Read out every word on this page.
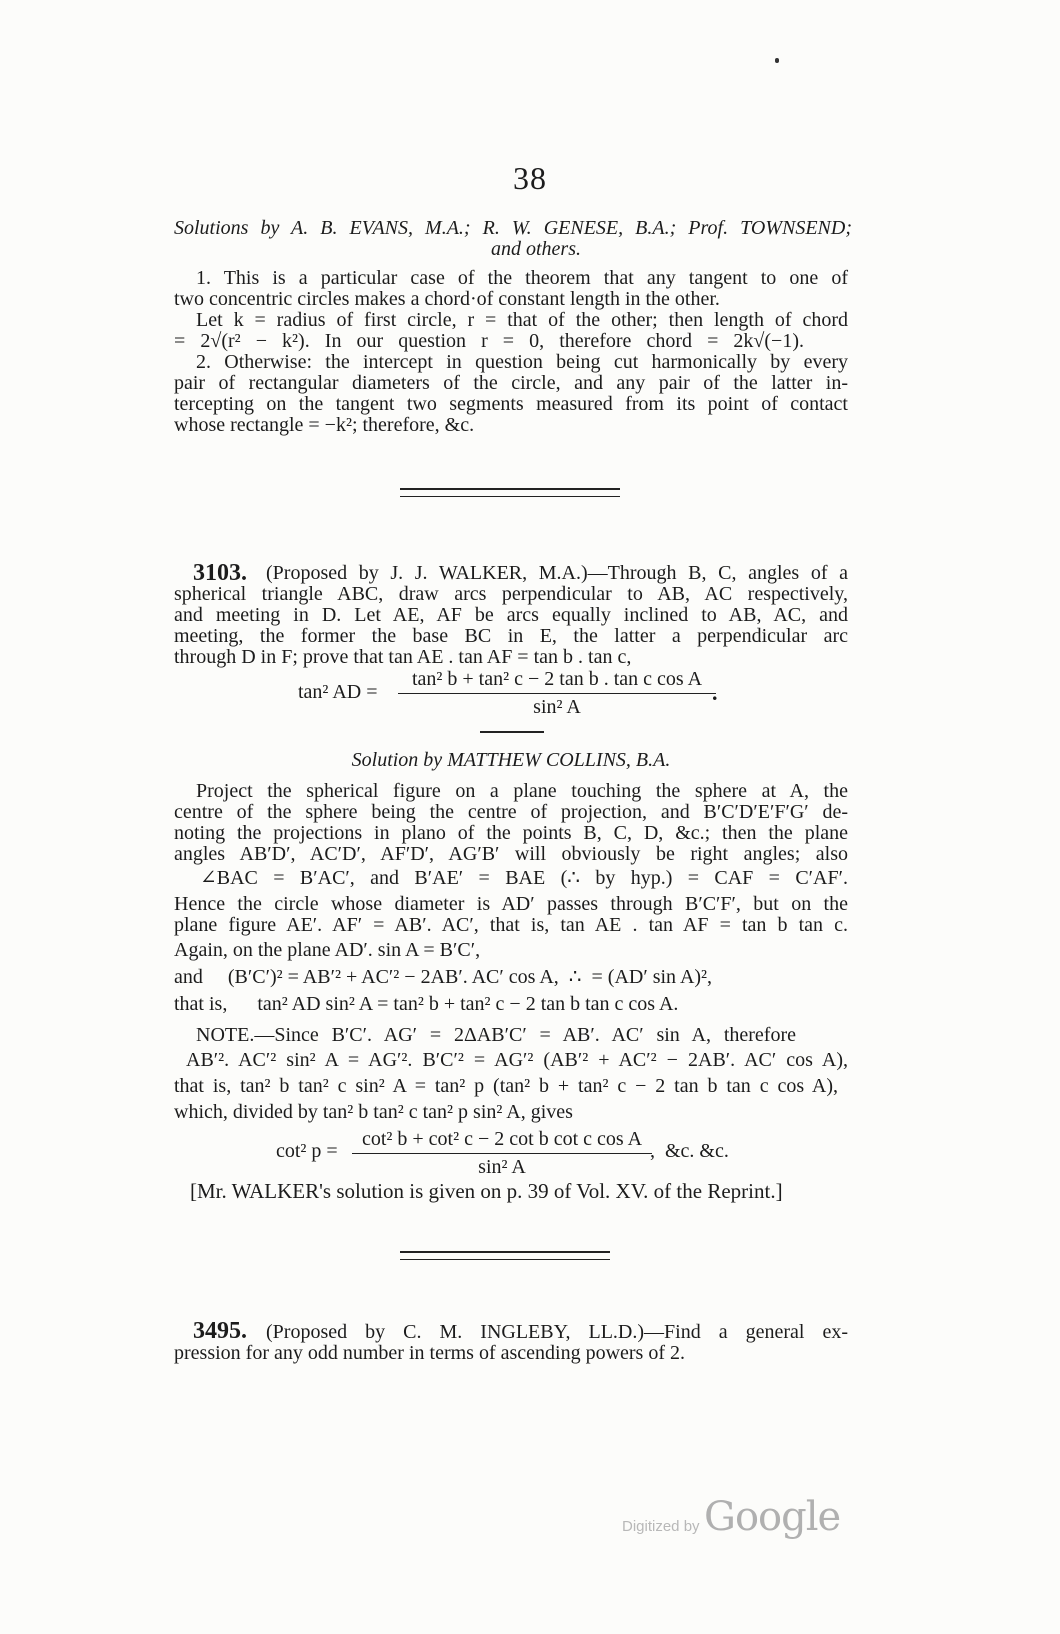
38
Solutions by A. B. EVANS, M.A.; R. W. GENESE, B.A.; Prof. TOWNSEND;
and others.
1. This is a particular case of the theorem that any tangent to one of
two concentric circles makes a chord·of constant length in the other.
Let k = radius of first circle, r = that of the other; then length of chord
= 2√(r² − k²). In our question r = 0, therefore chord = 2k√(−1).
2. Otherwise: the intercept in question being cut harmonically by every
pair of rectangular diameters of the circle, and any pair of the latter in-
tercepting on the tangent two segments measured from its point of contact
whose rectangle = −k²; therefore, &c.
3103. (Proposed by J. J. WALKER, M.A.)—Through B, C, angles of a
spherical triangle ABC, draw arcs perpendicular to AB, AC respectively,
and meeting in D. Let AE, AF be arcs equally inclined to AB, AC, and
meeting, the former the base BC in E, the latter a perpendicular arc
through D in F; prove that tan AE . tan AF = tan b . tan c,
tan² AD =
tan² b + tan² c − 2 tan b . tan c cos A
sin² A
.
Solution by MATTHEW COLLINS, B.A.
Project the spherical figure on a plane touching the sphere at A, the
centre of the sphere being the centre of projection, and B′C′D′E′F′G′ de-
noting the projections in plano of the points B, C, D, &c.; then the plane
angles AB′D′, AC′D′, AF′D′, AG′B′ will obviously be right angles; also
∠BAC = B′AC′, and B′AE′ = BAE (∴ by hyp.) = CAF = C′AF′.
Hence the circle whose diameter is AD′ passes through B′C′F′, but on the
plane figure AE′. AF′ = AB′. AC′, that is, tan AE . tan AF = tan b tan c.
Again, on the plane AD′. sin A = B′C′,
and     (B′C′)² = AB′² + AC′² − 2AB′. AC′ cos A,  ∴  = (AD′ sin A)²,
that is,      tan² AD sin² A = tan² b + tan² c − 2 tan b tan c cos A.
NOTE.—Since B′C′. AG′ = 2ΔAB′C′ = AB′. AC′ sin A, therefore
AB′². AC′² sin² A = AG′². B′C′² = AG′² (AB′² + AC′² − 2AB′. AC′ cos A),
that is, tan² b tan² c sin² A = tan² p (tan² b + tan² c − 2 tan b tan c cos A),
which, divided by tan² b tan² c tan² p sin² A, gives
cot² p =
cot² b + cot² c − 2 cot b cot c cos A
sin² A
,  &c. &c.
[Mr. WALKER's solution is given on p. 39 of Vol. XV. of the Reprint.]
3495. (Proposed by C. M. INGLEBY, LL.D.)—Find a general ex-
pression for any odd number in terms of ascending powers of 2.
Digitized by Google
